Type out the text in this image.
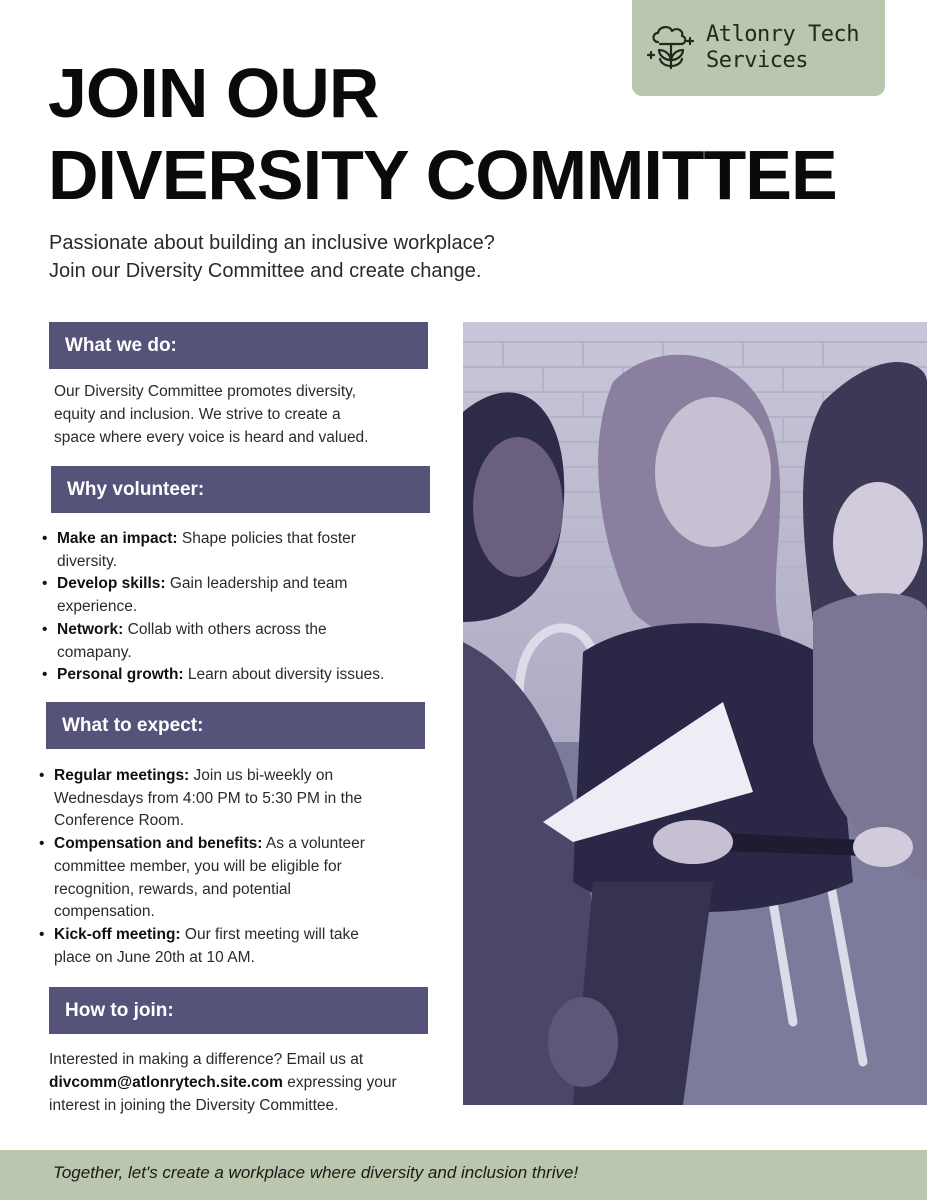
Atlonry Tech
Services
JOIN OUR
DIVERSITY COMMITTEE

Passionate about building an inclusive workplace?
Join our Diversity Committee and create change.

What we do:

Our Diversity Committee promotes diversity,
equity and inclusion. We strive to create a
space where every voice is heard and valued.

Why volunteer:
• Make an impact: Shape policies that foster
diversity.
• Develop skills: Gain leadership and team
experience.
• Network: Collab with others across the
comapany.
• Personal growth: Learn about diversity issues.
What to expect:
• Regular meetings: Join us bi-weekly on
Wednesdays from 4:00 PM to 5:30 PM in the
Conference Room.
• Compensation and benefits: As a volunteer
committee member, you will be eligible for
recognition, rewards, and potential
compensation.
• Kick-off meeting: Our first meeting will take
place on June 20th at 10 AM.
How to join:

Interested in making a difference? Email us at
divcomm@atlonrytech.site.com expressing your
interest in joining the Diversity Committee.

Together, let's create a workplace where diversity and inclusion thrive!
